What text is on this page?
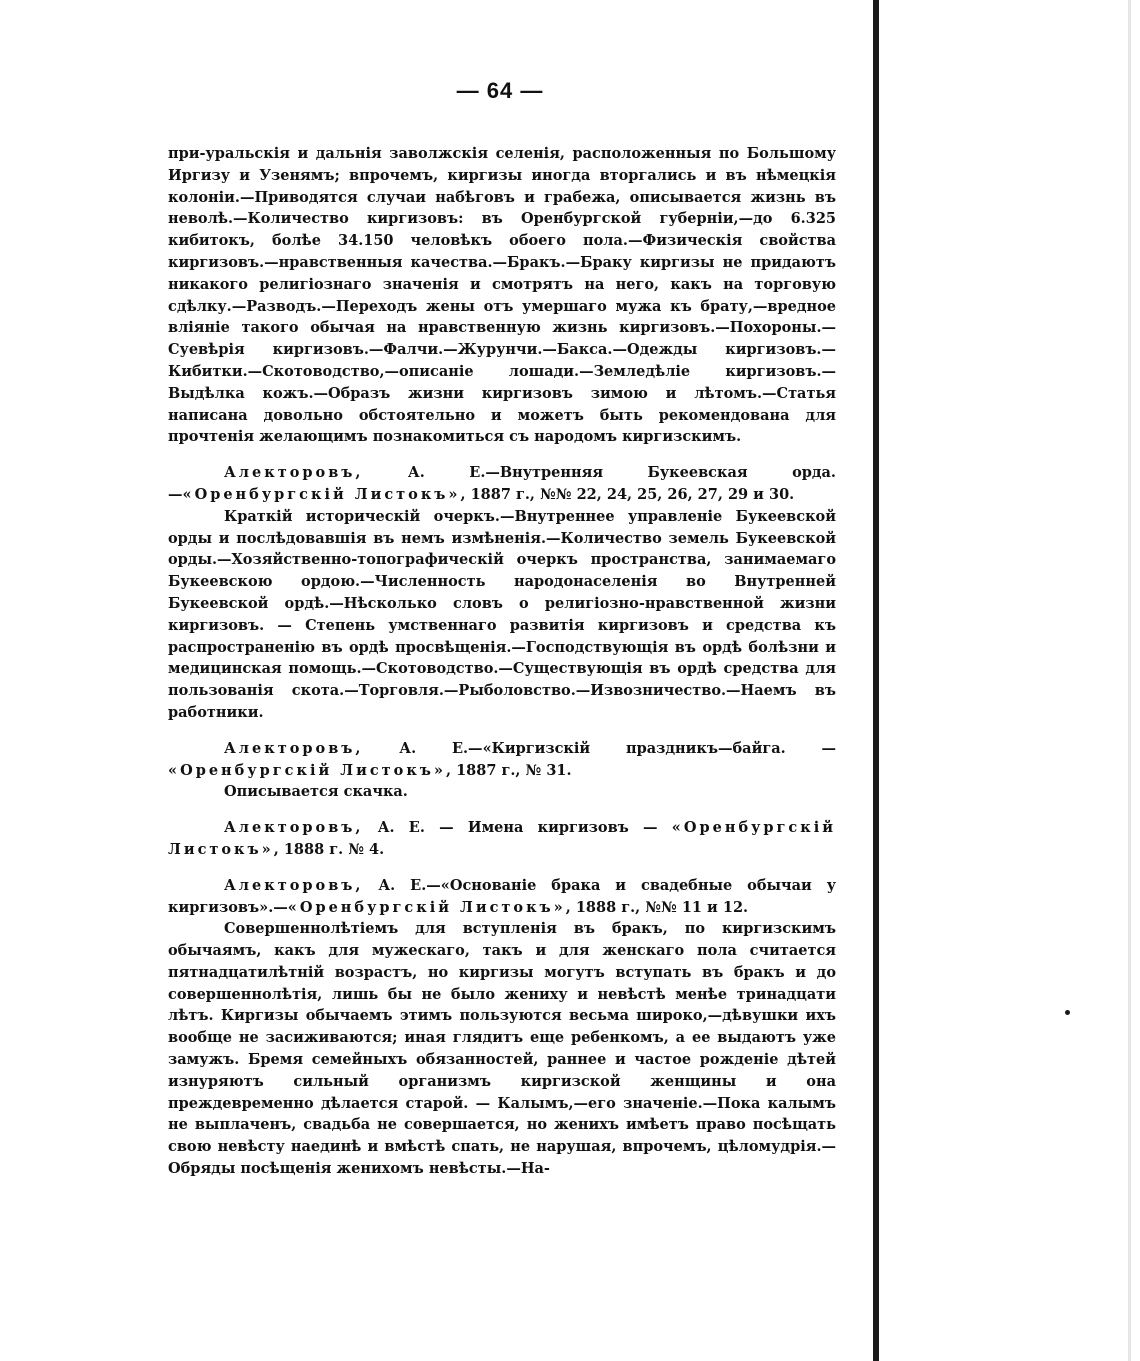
— 64 —

при-уральскія и дальнія заволжскія селенія, расположенныя по Большому Иргизу и Узенямъ; впрочемъ, киргизы иногда вторгались и въ нѣмецкія колоніи.—Приводятся случаи набѣговъ и грабежа, описывается жизнь въ неволѣ.—Количество киргизовъ: въ Оренбургской губерніи,—до 6.325 кибитокъ, болѣе 34.150 человѣкъ обоего пола.—Физическія свойства киргизовъ.—нравственныя качества.—Бракъ.—Браку киргизы не придаютъ никакого религіознаго значенія и смотрятъ на него, какъ на торговую сдѣлку.—Разводъ.—Переходъ жены отъ умершаго мужа къ брату,—вредное вліяніе такого обычая на нравственную жизнь киргизовъ.—Похороны.—Суевѣрія киргизовъ.—Фалчи.—Журунчи.—Бакса.—Одежды киргизовъ.—Кибитки.—Скотоводство,—описаніе лошади.—Земледѣліе киргизовъ.—Выдѣлка кожъ.—Образъ жизни киргизовъ зимою и лѣтомъ.—Статья написана довольно обстоятельно и можетъ быть рекомендована для прочтенія желающимъ познакомиться съ народомъ киргизскимъ.

Алекторовъ, А. Е.—Внутренняя Букеевская орда.—«Оренбургскій Листокъ», 1887 г., №№ 22, 24, 25, 26, 27, 29 и 30.

Краткій историческій очеркъ.—Внутреннее управленіе Букеевской орды и послѣдовавшія въ немъ измѣненія.—Количество земель Букеевской орды.—Хозяйственно-топографическій очеркъ пространства, занимаемаго Букеевскою ордою.—Численность народонаселенія во Внутренней Букеевской ордѣ.—Нѣсколько словъ о религіозно-нравственной жизни киргизовъ. — Степень умственнаго развитія киргизовъ и средства къ распространенію въ ордѣ просвѣщенія.—Господствующія въ ордѣ болѣзни и медицинская помощь.—Скотоводство.—Существующія въ ордѣ средства для пользованія скота.—Торговля.—Рыболовство.—Извозничество.—Наемъ въ работники.

Алекторовъ, А. Е.—«Киргизскій праздникъ—байга. — «Оренбургскій Листокъ», 1887 г., № 31.

Описывается скачка.

Алекторовъ, А. Е. — Имена киргизовъ — «Оренбургскій Листокъ», 1888 г. № 4.

Алекторовъ, А. Е.—«Основаніе брака и свадебные обычаи у киргизовъ».—«Оренбургскій Листокъ», 1888 г., №№ 11 и 12.

Совершеннолѣтіемъ для вступленія въ бракъ, по киргизскимъ обычаямъ, какъ для мужескаго, такъ и для женскаго пола считается пятнадцатилѣтній возрастъ, но киргизы могутъ вступать въ бракъ и до совершеннолѣтія, лишь бы не было жениху и невѣстѣ менѣе тринадцати лѣтъ. Киргизы обычаемъ этимъ пользуются весьма широко,—дѣвушки ихъ вообще не засиживаются; иная глядитъ еще ребенкомъ, а ее выдаютъ уже замужъ. Бремя семейныхъ обязанностей, раннее и частое рожденіе дѣтей изнуряютъ сильный организмъ киргизской женщины и она преждевременно дѣлается старой. — Калымъ,—его значеніе.—Пока калымъ не выплаченъ, свадьба не совершается, но женихъ имѣетъ право посѣщать свою невѣсту наединѣ и вмѣстѣ спать, не нарушая, впрочемъ, цѣломудрія.—Обряды посѣщенія женихомъ невѣсты.—На-
